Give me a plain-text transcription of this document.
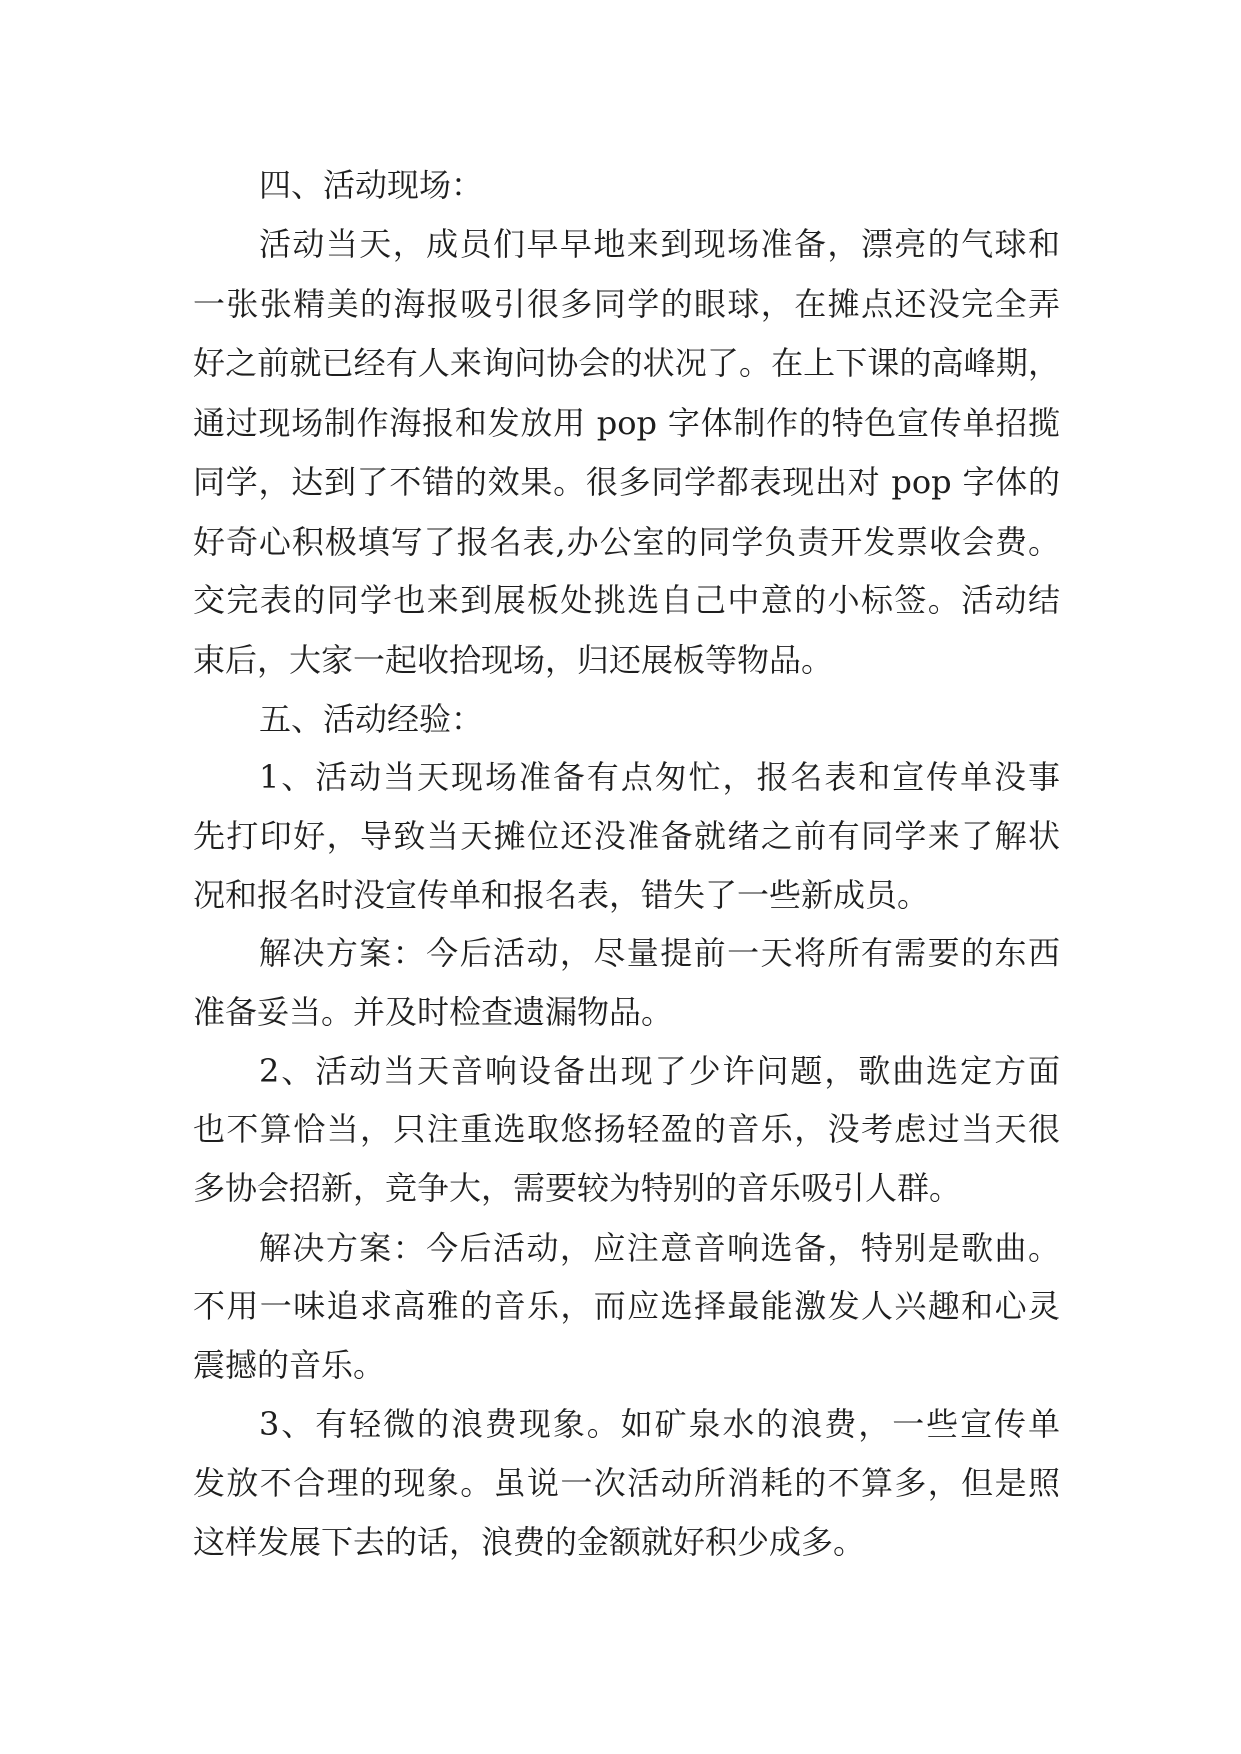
四、活动现场：
活动当天，成员们早早地来到现场准备，漂亮的气球和
一张张精美的海报吸引很多同学的眼球，在摊点还没完全弄
好之前就已经有人来询问协会的状况了。在上下课的高峰期，
通过现场制作海报和发放用 pop 字体制作的特色宣传单招揽
同学，达到了不错的效果。很多同学都表现出对 pop 字体的
好奇心积极填写了报名表,办公室的同学负责开发票收会费。
交完表的同学也来到展板处挑选自己中意的小标签。活动结
束后，大家一起收拾现场，归还展板等物品。
五、活动经验：
1、活动当天现场准备有点匆忙，报名表和宣传单没事
先打印好，导致当天摊位还没准备就绪之前有同学来了解状
况和报名时没宣传单和报名表，错失了一些新成员。
解决方案：今后活动，尽量提前一天将所有需要的东西
准备妥当。并及时检查遗漏物品。
2、活动当天音响设备出现了少许问题，歌曲选定方面
也不算恰当，只注重选取悠扬轻盈的音乐，没考虑过当天很
多协会招新，竞争大，需要较为特别的音乐吸引人群。
解决方案：今后活动，应注意音响选备，特别是歌曲。
不用一味追求高雅的音乐，而应选择最能激发人兴趣和心灵
震撼的音乐。
3、有轻微的浪费现象。如矿泉水的浪费，一些宣传单
发放不合理的现象。虽说一次活动所消耗的不算多，但是照
这样发展下去的话，浪费的金额就好积少成多。
